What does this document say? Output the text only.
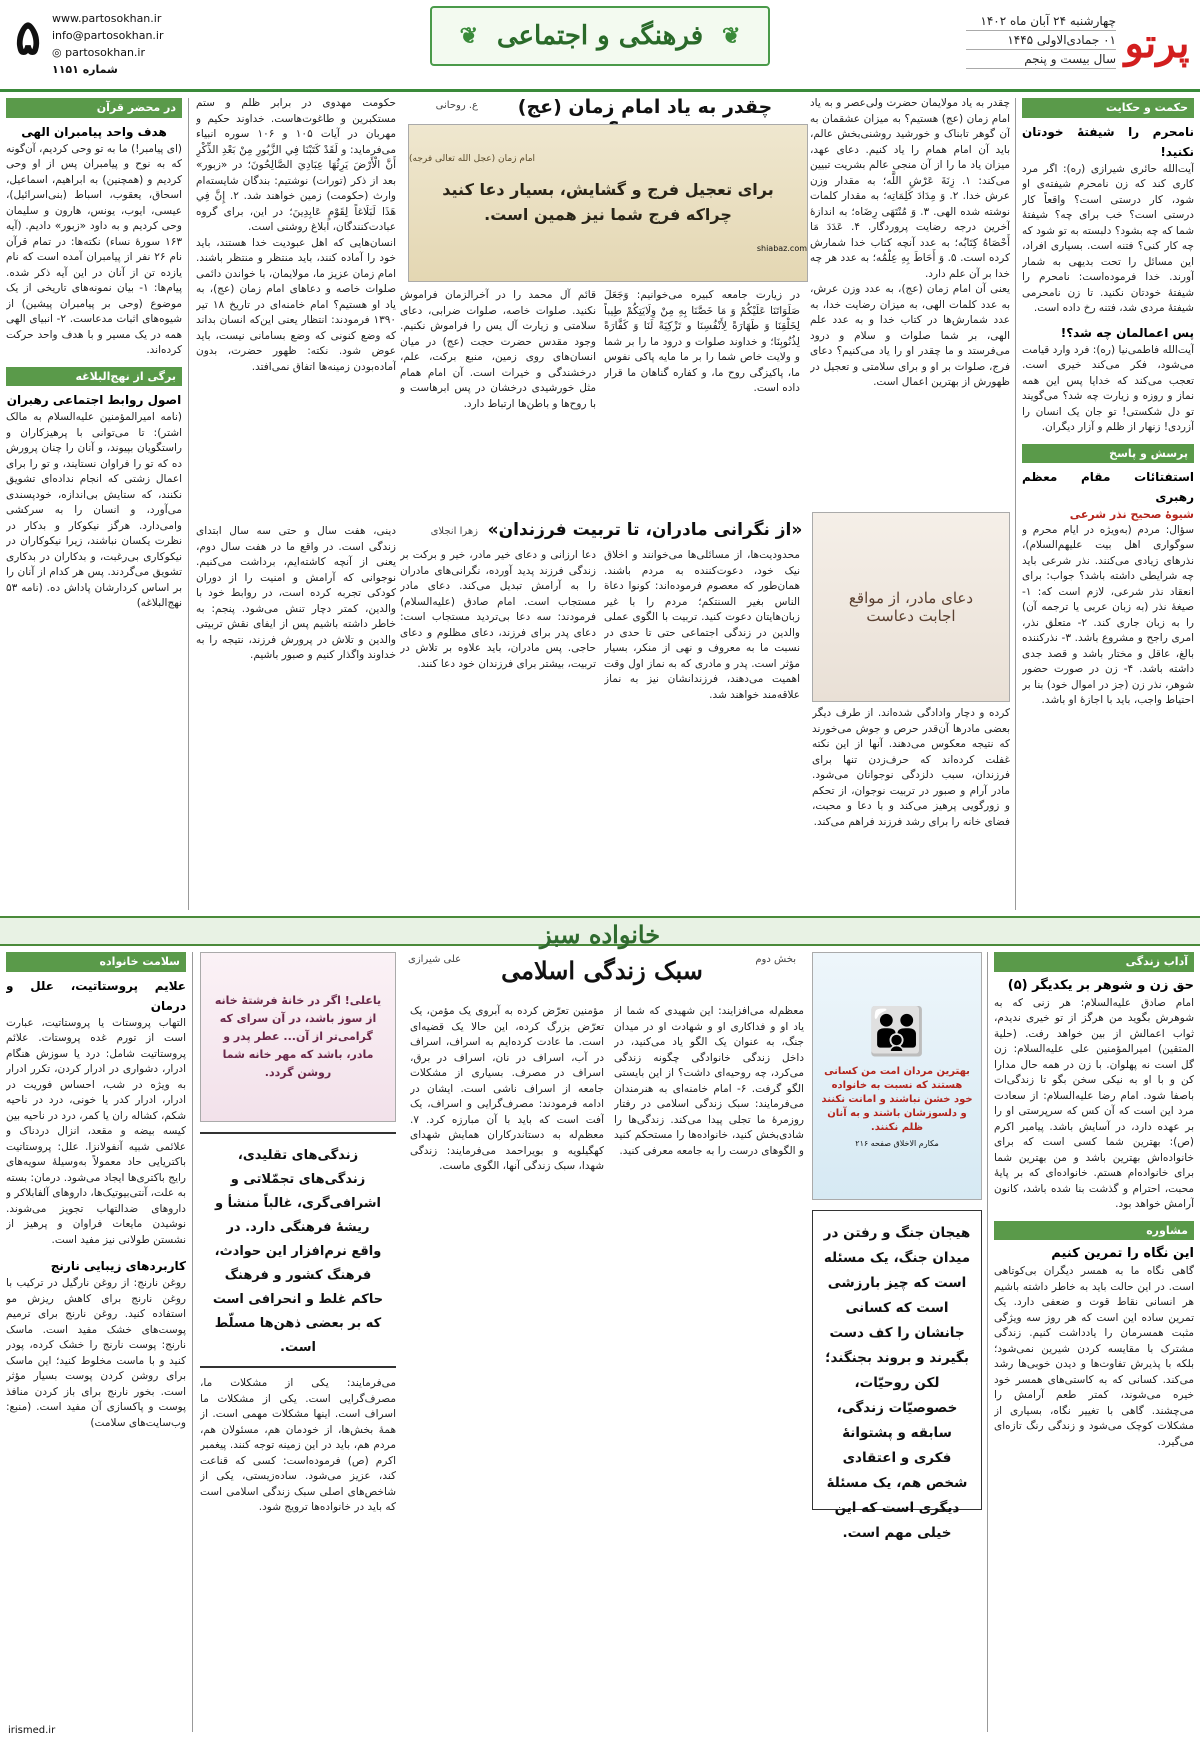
پرتو
چهارشنبه ۲۴ آبان ماه ۱۴۰۲
۰۱ جمادی‌الاولی ۱۴۴۵
سال بیست و پنجم
❦
فرهنگی و اجتماعی
❦
www.partosokhan.ir
info@partosokhan.ir
◎ partosokhan.ir
شماره ۱۱۵۱
۵
حکمت و حکایت
نامحرم را شیفتهٔ خودتان نکنید!
آیت‌الله حائری شیرازی (ره): اگر مرد کاری کند که زن نامحرم شیفته‌ی او شود، کار درستی است؟ واقعاً کار درستی است؟ خب برای چه؟ شیفتهٔ شما که چه بشود؟ دلبسته به تو شود که چه کار کنی؟ فتنه است. بسیاری افراد، این مسائل را تحت بدیهی به شمار آورند. خدا فرموده‌است: نامحرم را شیفتهٔ خودتان نکنید. تا زن نامحرمی شیفتهٔ مردی شد، فتنه رخ داده است.
پس اعمالمان چه شد؟!
آیت‌الله فاطمی‌نیا (ره): فرد وارد قیامت می‌شود، فکر می‌کند خیری است. تعجب می‌کند که خدایا پس این همه نماز و روزه و زیارت چه شد؟ می‌گویند تو دل شکستی! تو جان یک انسان را آزردی! زنهار از ظلم و آزار دیگران.
پرسش و پاسخ
استفتائات مقام معظم رهبری
شیوهٔ صحیح نذر شرعی
سؤال: مردم (به‌ویژه در ایام محرم و سوگواری اهل بیت علیهم‌السلام)، نذرهای زیادی می‌کنند. نذر شرعی باید چه شرایطی داشته باشد؟ جواب: برای انعقاد نذر شرعی، لازم است که: ۱- صیغهٔ نذر (به زبان عربی یا ترجمه آن) را به زبان جاری کند. ۲- متعلق نذر، امری راجح و مشروع باشد. ۳- نذرکننده بالغ، عاقل و مختار باشد و قصد جدی داشته باشد. ۴- زن در صورت حضور شوهر، نذر زن (جز در اموال خود) بنا بر احتیاط واجب، باید با اجازهٔ او باشد.
چقدر به یاد امام زمان (عج)
ع. روحانی
امام زمان (عجل الله تعالی فرجه)
برای تعجیل فرج و گشایش، بسیار دعا کنید
چراکه فرج شما نیز همین است.
shiabaz.com
چقدر به یاد مولایمان حضرت ولی‌عصر و به یاد امام زمان (عج) هستیم؟ به میزان عشقمان به آن گوهر تابناک و خورشید روشنی‌بخش عالم، باید آن امام همام را یاد کنیم. دعای عهد، میزان یاد ما را از آن منجی عالم بشریت تبیین می‌کند: ۱. زِنَةَ عَرْشِ اللَّه؛ به مقدار وزن عرش خدا. ۲. وَ مِدَادَ كَلِمَاتِه؛ به مقدار کلمات نوشته شده الهی. ۳. وَ مُنْتَهَى رِضَاه؛ به اندازهٔ آخرین درجه رضایت پروردگار. ۴. عَدَدَ مَا أَحْصَاهُ كِتَابُه؛ به عدد آنچه کتاب خدا شمارش کرده است. ۵. وَ أَحَاطَ بِهِ عِلْمُه؛ به عدد هر چه خدا بر آن علم دارد.
یعنی آن امام زمان (عج)، به عدد وزن عرش، به عدد کلمات الهی، به میزان رضایت خدا، به عدد شمارش‌ها در کتاب خدا و به عدد علم الهی، بر شما صلوات و سلام و درود می‌فرستد و ما چقدر او را یاد می‌کنیم؟ دعای فرج، صلوات بر او و برای سلامتی و تعجیل در ظهورش از بهترین اعمال است.
در زیارت جامعه کبیره می‌خوانیم: وَجَعَلَ صَلَوَاتَنَا عَلَيْكُمْ وَ مَا خَصَّنَا بِهِ مِنْ وِلَايَتِكُمْ طِيباً لِخَلْقِنَا وَ طَهَارَةً لِأَنْفُسِنَا و تَزْكِيَةً لَنَا وَ كَفَّارَةً لِذُنُوبِنَا؛ و خداوند صلوات و درود ما را بر شما و ولایت خاص شما را بر ما مایه پاکی نفوس ما، پاکیزگی روح ما، و کفاره گناهان ما قرار داده است.
قائم آل محمد را در آخرالزمان فراموش نکنید. صلوات خاصه، صلوات ضرابی، دعای سلامتی و زیارت آل یس را فراموش نکنیم. وجود مقدس حضرت حجت (عج) در میان انسان‌های روی زمین، منبع برکت، علم، درخشندگی و خیرات است. آن امام همام مثل خورشیدی درخشان در پس ابرهاست و با روح‌ها و باطن‌ها ارتباط دارد.
حکومت مهدوی در برابر ظلم و ستم مستکبرین و طاغوت‌هاست. خداوند حکیم و مهربان در آیات ۱۰۵ و ۱۰۶ سوره انبیاء می‌فرماید: و لَقَدْ كَتَبْنَا فِي الزَّبُورِ مِنْ بَعْدِ الذِّكْرِ أَنَّ الْأَرْضَ يَرِثُهَا عِبَادِيَ الصَّالِحُونَ؛ در «زبور» بعد از ذکر (تورات) نوشتیم: بندگان شایسته‌ام وارث (حکومت) زمین خواهند شد. ۲. إِنَّ فِي هَذَا لَبَلَاغاً لِقَوْمٍ عَابِدِينَ؛ در این، برای گروه عبادت‌کنندگان، ابلاغ روشنی است.
انسان‌هایی که اهل عبودیت خدا هستند، باید خود را آماده کنند، باید منتظر و منتظر باشند. امام زمان عزیز ما، مولایمان، با خواندن دائمی صلوات خاصه و دعاهای امام زمان (عج)، به یاد او هستیم؟ امام خامنه‌ای در تاریخ ۱۸ تیر ۱۳۹۰ فرمودند: انتظار یعنی این‌که انسان بداند که وضع کنونی که وضع بسامانی نیست، باید عوض شود. نکته: ظهور حضرت، بدون آماده‌بودن زمینه‌ها اتفاق نمی‌افتد.
«از نگرانی مادران، تا تربیت فرزندان»
زهرا انجلای
دعای مادر، از مواقع اجابت دعاست
کرده و دچار وادادگی شده‌اند. از طرف دیگر بعضی مادرها آن‌قدر حرص و جوش می‌خورند که نتیجه معکوس می‌دهند. آنها از این نکته غفلت کرده‌اند که حرف‌زدن تنها برای فرزندان، سبب دلزدگی نوجوانان می‌شود. مادر آرام و صبور در تربیت نوجوان، از تحکم و زورگویی پرهیز می‌کند و با دعا و محبت، فضای خانه را برای رشد فرزند فراهم می‌کند.
محدودیت‌ها، از مسائلی‌ها می‌خوانند و اخلاق نیک خود، دعوت‌کننده به مردم باشند. همان‌طور که معصوم فرموده‌اند: کونوا دعاة الناس بغیر السنتکم؛ مردم را با غیر زبان‌هایتان دعوت کنید. تربیت با الگوی عملی والدین در زندگی اجتماعی حتی تا حدی در نسبت ما به معروف و نهی از منکر، بسیار مؤثر است. پدر و مادری که به نماز اول وقت اهمیت می‌دهند، فرزندانشان نیز به نماز علاقه‌مند خواهند شد.
دعا ارزانی و دعای خیر مادر، خیر و برکت بر زندگی فرزند پدید آورده، نگرانی‌های مادران را به آرامش تبدیل می‌کند. دعای مادر مستجاب است. امام صادق (علیه‌السلام) فرمودند: سه دعا بی‌تردید مستجاب است: دعای پدر برای فرزند، دعای مظلوم و دعای حاجی. پس مادران، باید علاوه بر تلاش در تربیت، بیشتر برای فرزندان خود دعا کنند.
دینی، هفت سال و حتی سه سال ابتدای زندگی است. در واقع ما در هفت سال دوم، یعنی از آنچه کاشته‌ایم، برداشت می‌کنیم. نوجوانی که آرامش و امنیت را از دوران کودکی تجربه کرده است، در روابط خود با والدین، کمتر دچار تنش می‌شود. پنجم: به خاطر داشته باشیم پس از ایفای نقش تربیتی والدین و تلاش در پرورش فرزند، نتیجه را به خداوند واگذار کنیم و صبور باشیم.
در محضر قرآن
هدف واحد پیامبران الهی
(ای پیامبر!) ما به تو وحی کردیم، آن‌گونه که به نوح و پیامبران پس از او وحی کردیم و (همچنین) به ابراهیم، اسماعیل، اسحاق، یعقوب، اسباط (بنی‌اسرائیل)، عیسی، ایوب، یونس، هارون و سلیمان وحی کردیم و به داود «زبور» دادیم. (آیه ۱۶۳ سورهٔ نساء) نکته‌ها: در تمام قرآن نام ۲۶ نفر از پیامبران آمده است که نام یازده تن از آنان در این آیه ذکر شده. پیام‌ها: ۱- بیان نمونه‌های تاریخی از یک موضوع (وحی بر پیامبران پیشین) از شیوه‌های اثبات مدعاست. ۲- انبیای الهی همه در یک مسیر و با هدف واحد حرکت کرده‌اند.
برگی از نهج‌البلاغه
اصول روابط اجتماعی رهبران
(نامه امیرالمؤمنین علیه‌السلام به مالک اشتر): تا می‌توانی با پرهیزکاران و راستگویان بپیوند، و آنان را چنان پرورش ده که تو را فراوان نستایند، و تو را برای اعمال زشتی که انجام نداده‌ای تشویق نکنند، که ستایش بی‌اندازه، خودپسندی می‌آورد، و انسان را به سرکشی وامی‌دارد. هرگز نیکوکار و بدکار در نظرت یکسان نباشند، زیرا نیکوکاران در نیکوکاری بی‌رغبت، و بدکاران در بدکاری تشویق می‌گردند. پس هر کدام از آنان را بر اساس کردارشان پاداش ده. (نامه ۵۳ نهج‌البلاغه)
خانواده سبز
آداب زندگی
حق زن و شوهر بر یکدیگر (۵)
امام صادق علیه‌السلام: هر زنی که به شوهرش بگوید من هرگز از تو خیری ندیدم، ثواب اعمالش از بین خواهد رفت. (حلیة المتقین) امیرالمؤمنین علی علیه‌السلام: زن گل است نه پهلوان. با زن در همه حال مدارا کن و با او به نیکی سخن بگو تا زندگی‌ات باصفا شود. امام رضا علیه‌السلام: از سعادت مرد این است که آن کس که سرپرستی او را بر عهده دارد، در آسایش باشد. پیامبر اکرم (ص): بهترین شما کسی است که برای خانواده‌اش بهترین باشد و من بهترین شما برای خانواده‌ام هستم. خانواده‌ای که بر پایهٔ محبت، احترام و گذشت بنا شده باشد، کانون آرامش خواهد بود.
مشاوره
این نگاه را تمرین کنیم
گاهی نگاه ما به همسر دیگران بی‌کوتاهی است. در این حالت باید به خاطر داشته باشیم هر انسانی نقاط قوت و ضعفی دارد. یک تمرین ساده این است که هر روز سه ویژگی مثبت همسرمان را یادداشت کنیم. زندگی مشترک با مقایسه کردن شیرین نمی‌شود؛ بلکه با پذیرش تفاوت‌ها و دیدن خوبی‌ها رشد می‌کند. کسانی که به کاستی‌های همسر خود خیره می‌شوند، کمتر طعم آرامش را می‌چشند. گاهی با تغییر نگاه، بسیاری از مشکلات کوچک می‌شود و زندگی رنگ تازه‌ای می‌گیرد.
👪
بهترین مردان امت من کسانی هستند که نسبت به خانواده خود خشن نباشند و امانت نکنند و دلسوزشان باشند و به آنان ظلم نکنند.
مکارم الاخلاق صفحه ۲۱۶
هیجان جنگ و رفتن در میدان جنگ، یک مسئله است که چیز بارزشی است که کسانی جانشان را کف دست بگیرند و بروند بجنگند؛ لکن روحیّات، خصوصیّات زندگی، سابقه و پشتوانهٔ فکری و اعتقادی شخص هم، یک مسئلهٔ دیگری است که این خیلی مهم است.
سبک زندگی اسلامی	بخش دوم
علی شیرازی
معظم‌له می‌افزایند: این شهیدی که شما از یاد او و فداکاری او و شهادت او در میدان جنگ، به عنوان یک الگو یاد می‌کنید، در داخل زندگی خانوادگی چگونه زندگی می‌کرد، چه روحیه‌ای داشت؟ از این بایستی الگو گرفت. ۶- امام خامنه‌ای به هنرمندان می‌فرمایند: سبک زندگی اسلامی در رفتار روزمرهٔ ما تجلی پیدا می‌کند. زندگی‌ها را شادی‌بخش کنید، خانواده‌ها را مستحکم کنید و الگوهای درست را به جامعه معرفی کنید.
مؤمنین تعرّض کرده به آبروی یک مؤمن، یک تعرّض بزرگ کرده، این حالا یک قضیه‌ای است. ما عادت کرده‌ایم به اسراف، اسراف در آب، اسراف در نان، اسراف در برق، اسراف در مصرف. بسیاری از مشکلات جامعه از اسراف ناشی است. ایشان در ادامه فرمودند: مصرف‌گرایی و اسراف، یک آفت است که باید با آن مبارزه کرد. ۷. معظم‌له به دستاندرکاران همایش شهدای کهگیلویه و بویراحمد می‌فرمایند: زندگی شهدا، سبک زندگی آنها، الگوی ماست.
یاعلی! اگر در خانهٔ فرشتهٔ خانه از سوز باشد، در آن سرای که گرامی‌تر از آن... عطر پدر و مادر، باشد که مهر خانه شما روشن گردد.
زندگی‌های تقلیدی، زندگی‌های تجمّلاتی و اشرافی‌گری، غالباً منشأ و ریشهٔ فرهنگی دارد. در واقع نرم‌افزار این حوادث، فرهنگ کشور و فرهنگ حاکم غلط و انحرافی است که بر بعضی ذهن‌ها مسلّط است.
می‌فرمایند: یکی از مشکلات ما، مصرف‌گرایی است. یکی از مشکلات ما اسراف است. اینها مشکلات مهمی است. از همهٔ بخش‌ها، از خودمان هم، مسئولان هم، مردم هم، باید در این زمینه توجه کنند. پیغمبر اکرم (ص) فرموده‌است: کسی که قناعت کند، عزیز می‌شود. ساده‌زیستی، یکی از شاخص‌های اصلی سبک زندگی اسلامی است که باید در خانواده‌ها ترویج شود.
سلامت خانواده
علایم پروستاتیت، علل و درمان
التهاب پروستات یا پروستاتیت، عبارت است از تورم غده پروستات. علائم پروستاتیت شامل: درد یا سوزش هنگام ادرار، دشواری در ادرار کردن، تکرر ادرار به ویژه در شب، احساس فوریت در ادرار، ادرار کدر یا خونی، درد در ناحیه شکم، کشاله ران یا کمر، درد در ناحیه بین کیسه بیضه و مقعد، انزال دردناک و علائمی شبیه آنفولانزا. علل: پروستاتیت باکتریایی حاد معمولاً به‌وسیلهٔ سویه‌های رایج باکتری‌ها ایجاد می‌شود. درمان: بسته به علت، آنتی‌بیوتیک‌ها، داروهای آلفابلاکر و داروهای ضدالتهاب تجویز می‌شوند. نوشیدن مایعات فراوان و پرهیز از نشستن طولانی نیز مفید است.
کاربردهای زیبایی نارنج
روغن نارنج: از روغن نارگیل در ترکیب با روغن نارنج برای کاهش ریزش مو استفاده کنید. روغن نارنج برای ترمیم پوست‌های خشک مفید است. ماسک نارنج: پوست نارنج را خشک کرده، پودر کنید و با ماست مخلوط کنید؛ این ماسک برای روشن کردن پوست بسیار مؤثر است. بخور نارنج برای باز کردن منافذ پوست و پاکسازی آن مفید است. (منبع: وب‌سایت‌های سلامت)
irismed.ir
